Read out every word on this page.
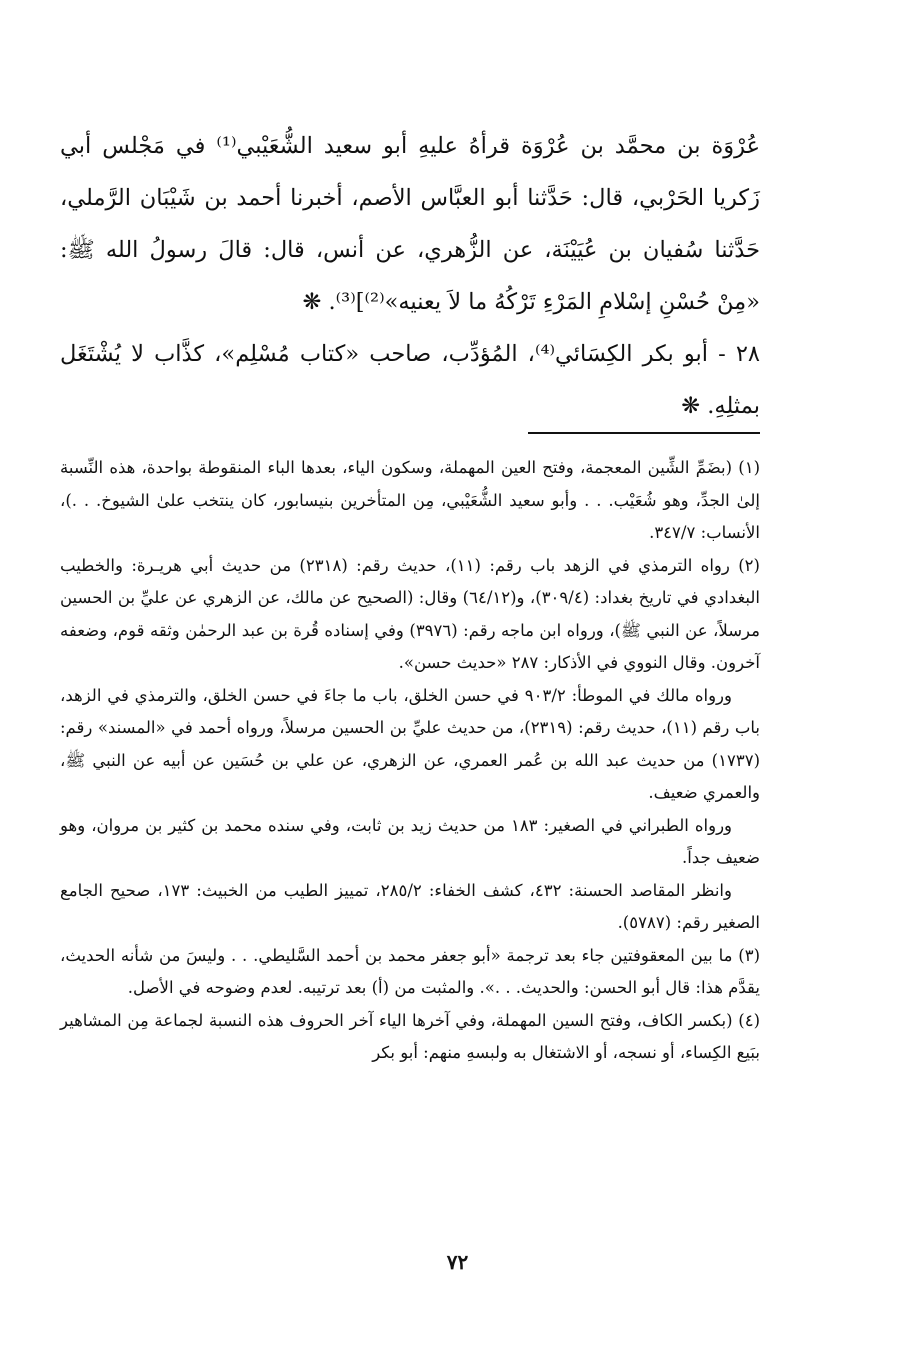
عُرْوَة بن محمَّد بن عُرْوَة قرأهُ عليهِ أبو سعيد الشُّعَيْبي⁽¹⁾ في مَجْلس أبي زَكريا الحَرْبي، قال: حَدَّثنا أبو العبَّاس الأصم، أخبرنا أحمد بن شَيْبَان الرَّملي، حَدَّثنا سُفيان بن عُيَيْنَة، عن الزُّهري، عن أنس، قال: قالَ رسولُ الله ﷺ: «مِنْ حُسْنِ إسْلامِ المَرْءِ تَرْكُهُ ما لاَ يعنيه»⁽²⁾]⁽³⁾. ❋

٢٨ - أبو بكر الكِسَائي⁽⁴⁾، المُؤدِّب، صاحب «كتاب مُسْلِم»، كذَّاب لا يُشْتَغَل بمثلِهِ. ❋

(١) (بضَمِّ الشِّين المعجمة، وفتح العين المهملة، وسكون الياء، بعدها الباء المنقوطة بواحدة، هذه النِّسبة إلىٰ الجدِّ، وهو شُعَيْب. . . وأبو سعيد الشُّعَيْبي، مِن المتأخرين بنيسابور، كان ينتخب علىٰ الشيوخ. . .)، الأنساب: ٣٤٧/٧.

(٢) رواه الترمذي في الزهد باب رقم: (١١)، حديث رقم: (٢٣١٨) من حديث أبي هريـرة: والخطيب البغدادي في تاريخ بغداد: (٣٠٩/٤)، و(٦٤/١٢) وقال: (الصحيح عن مالك، عن الزهري عن عليِّ بن الحسين مرسلاً، عن النبي ﷺ)، ورواه ابن ماجه رقم: (٣٩٧٦) وفي إسناده قُرة بن عبد الرحمٰن وثقه قوم، وضعفه آخرون. وقال النووي في الأذكار: ٢٨٧ «حديث حسن».

ورواه مالك في الموطأ: ٩٠٣/٢ في حسن الخلق، باب ما جاءَ في حسن الخلق، والترمذي في الزهد، باب رقم (١١)، حديث رقم: (٢٣١٩)، من حديث عليِّ بن الحسين مرسلاً، ورواه أحمد في «المسند» رقم: (١٧٣٧) من حديث عبد الله بن عُمر العمري، عن الزهري، عن علي بن حُسَين عن أبيه عن النبي ﷺ، والعمري ضعيف.

ورواه الطبراني في الصغير: ١٨٣ من حديث زيد بن ثابت، وفي سنده محمد بن كثير بن مروان، وهو ضعيف جداً.

وانظر المقاصد الحسنة: ٤٣٢، كشف الخفاء: ٢٨٥/٢، تمييز الطيب من الخبيث: ١٧٣، صحيح الجامع الصغير رقم: (٥٧٨٧).

(٣) ما بين المعقوفتين جاء بعد ترجمة «أبو جعفر محمد بن أحمد السَّليطي. . . وليسَ من شأنه الحديث، يقدَّم هذا: قال أبو الحسن: والحديث. . .». والمثبت من (أ) بعد ترتيبه. لعدم وضوحه في الأصل.

(٤) (بكسر الكاف، وفتح السين المهملة، وفي آخرها الياء آخر الحروف هذه النسبة لجماعة مِن المشاهير ببَيع الكِساء، أو نسجه، أو الاشتغال به ولبسهِ منهم: أبو بكر

٧٢
